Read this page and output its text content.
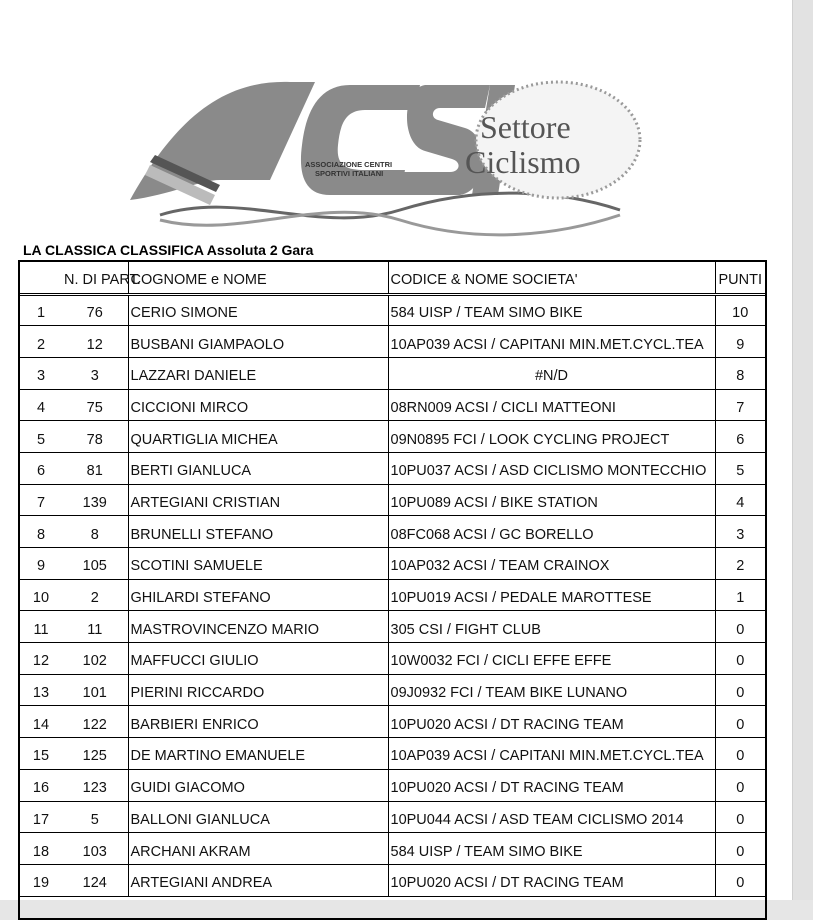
ASSOCIAZIONE CENTRI
SPORTIVI ITALIANI
Settore
Ciclismo
LA CLASSICA CLASSIFICA Assoluta 2 Gara
	N. DI PART.	COGNOME e NOME	CODICE & NOME SOCIETA'	PUNTI
1	76	CERIO SIMONE	584 UISP / TEAM SIMO BIKE	10
2	12	BUSBANI GIAMPAOLO	10AP039 ACSI / CAPITANI MIN.MET.CYCL.TEA	9
3	3	LAZZARI DANIELE	#N/D	8
4	75	CICCIONI MIRCO	08RN009 ACSI / CICLI MATTEONI	7
5	78	QUARTIGLIA MICHEA	09N0895 FCI / LOOK CYCLING PROJECT	6
6	81	BERTI GIANLUCA	10PU037 ACSI / ASD CICLISMO MONTECCHIO	5
7	139	ARTEGIANI CRISTIAN	10PU089 ACSI / BIKE STATION	4
8	8	BRUNELLI STEFANO	08FC068 ACSI / GC BORELLO	3
9	105	SCOTINI SAMUELE	10AP032 ACSI / TEAM CRAINOX	2
10	2	GHILARDI STEFANO	10PU019 ACSI / PEDALE MAROTTESE	1
11	11	MASTROVINCENZO MARIO	305 CSI / FIGHT CLUB	0
12	102	MAFFUCCI GIULIO	10W0032 FCI / CICLI EFFE EFFE	0
13	101	PIERINI RICCARDO	09J0932 FCI / TEAM BIKE LUNANO	0
14	122	BARBIERI ENRICO	10PU020 ACSI / DT RACING TEAM	0
15	125	DE MARTINO EMANUELE	10AP039 ACSI / CAPITANI MIN.MET.CYCL.TEA	0
16	123	GUIDI GIACOMO	10PU020 ACSI / DT RACING TEAM	0
17	5	BALLONI GIANLUCA	10PU044 ACSI / ASD TEAM CICLISMO 2014	0
18	103	ARCHANI AKRAM	584 UISP / TEAM SIMO BIKE	0
19	124	ARTEGIANI ANDREA	10PU020 ACSI / DT RACING TEAM	0
